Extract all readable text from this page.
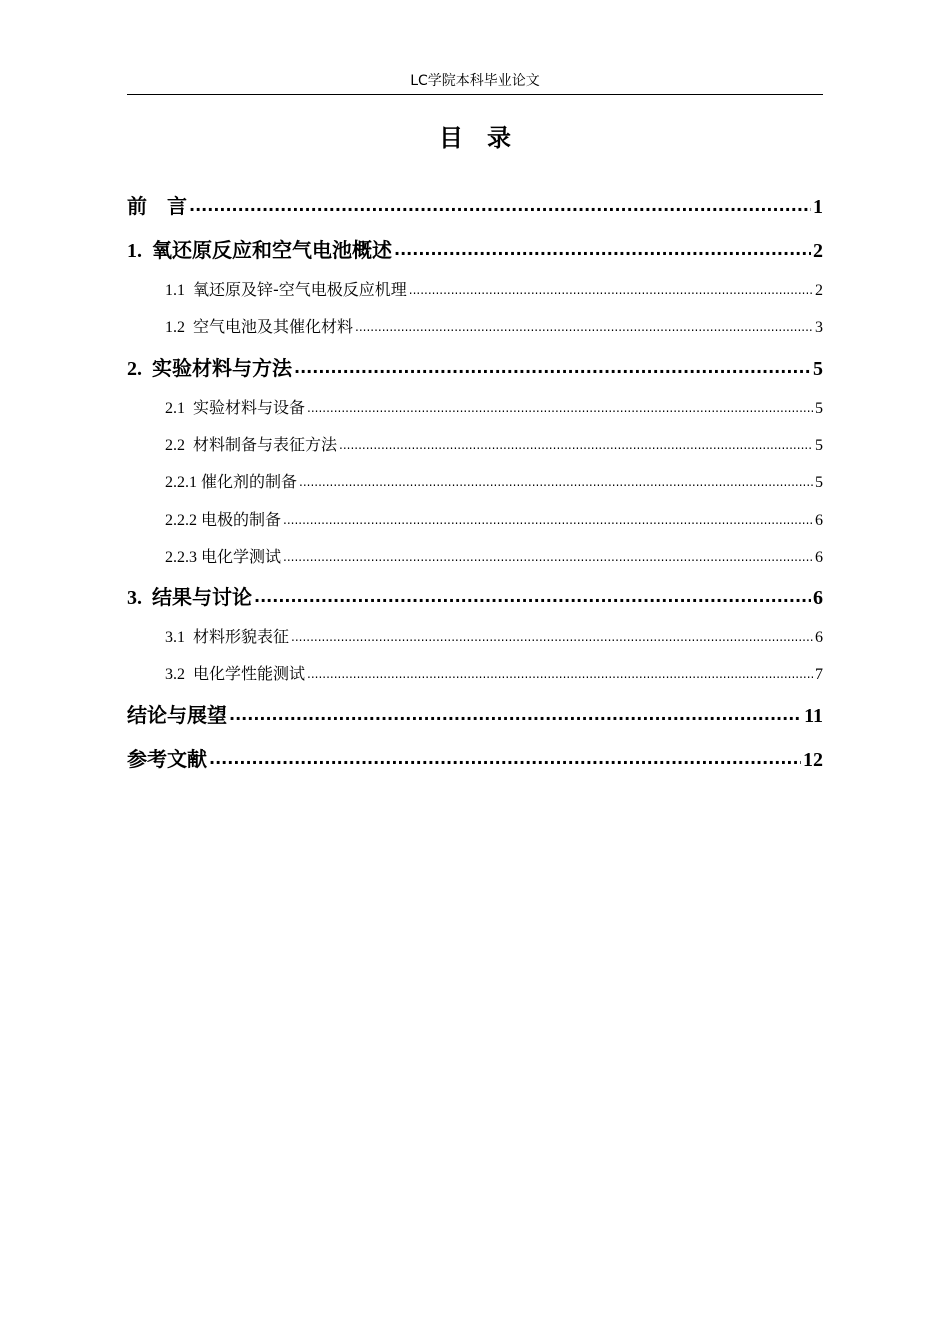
LC学院本科毕业论文
目　录
前　言 .....	1
1. 氧还原反应和空气电池概述 .....	2
1.1 氧还原及锌-空气电极反应机理 .....	2
1.2 空气电池及其催化材料 .....	3
2. 实验材料与方法 .....	5
2.1 实验材料与设备 .....	5
2.2 材料制备与表征方法 .....	5
2.2.1 催化剂的制备 .....	5
2.2.2 电极的制备 .....	6
2.2.3 电化学测试 .....	6
3. 结果与讨论 .....	6
3.1 材料形貌表征 .....	6
3.2 电化学性能测试 .....	7
结论与展望 .....	11
参考文献 .....	12
